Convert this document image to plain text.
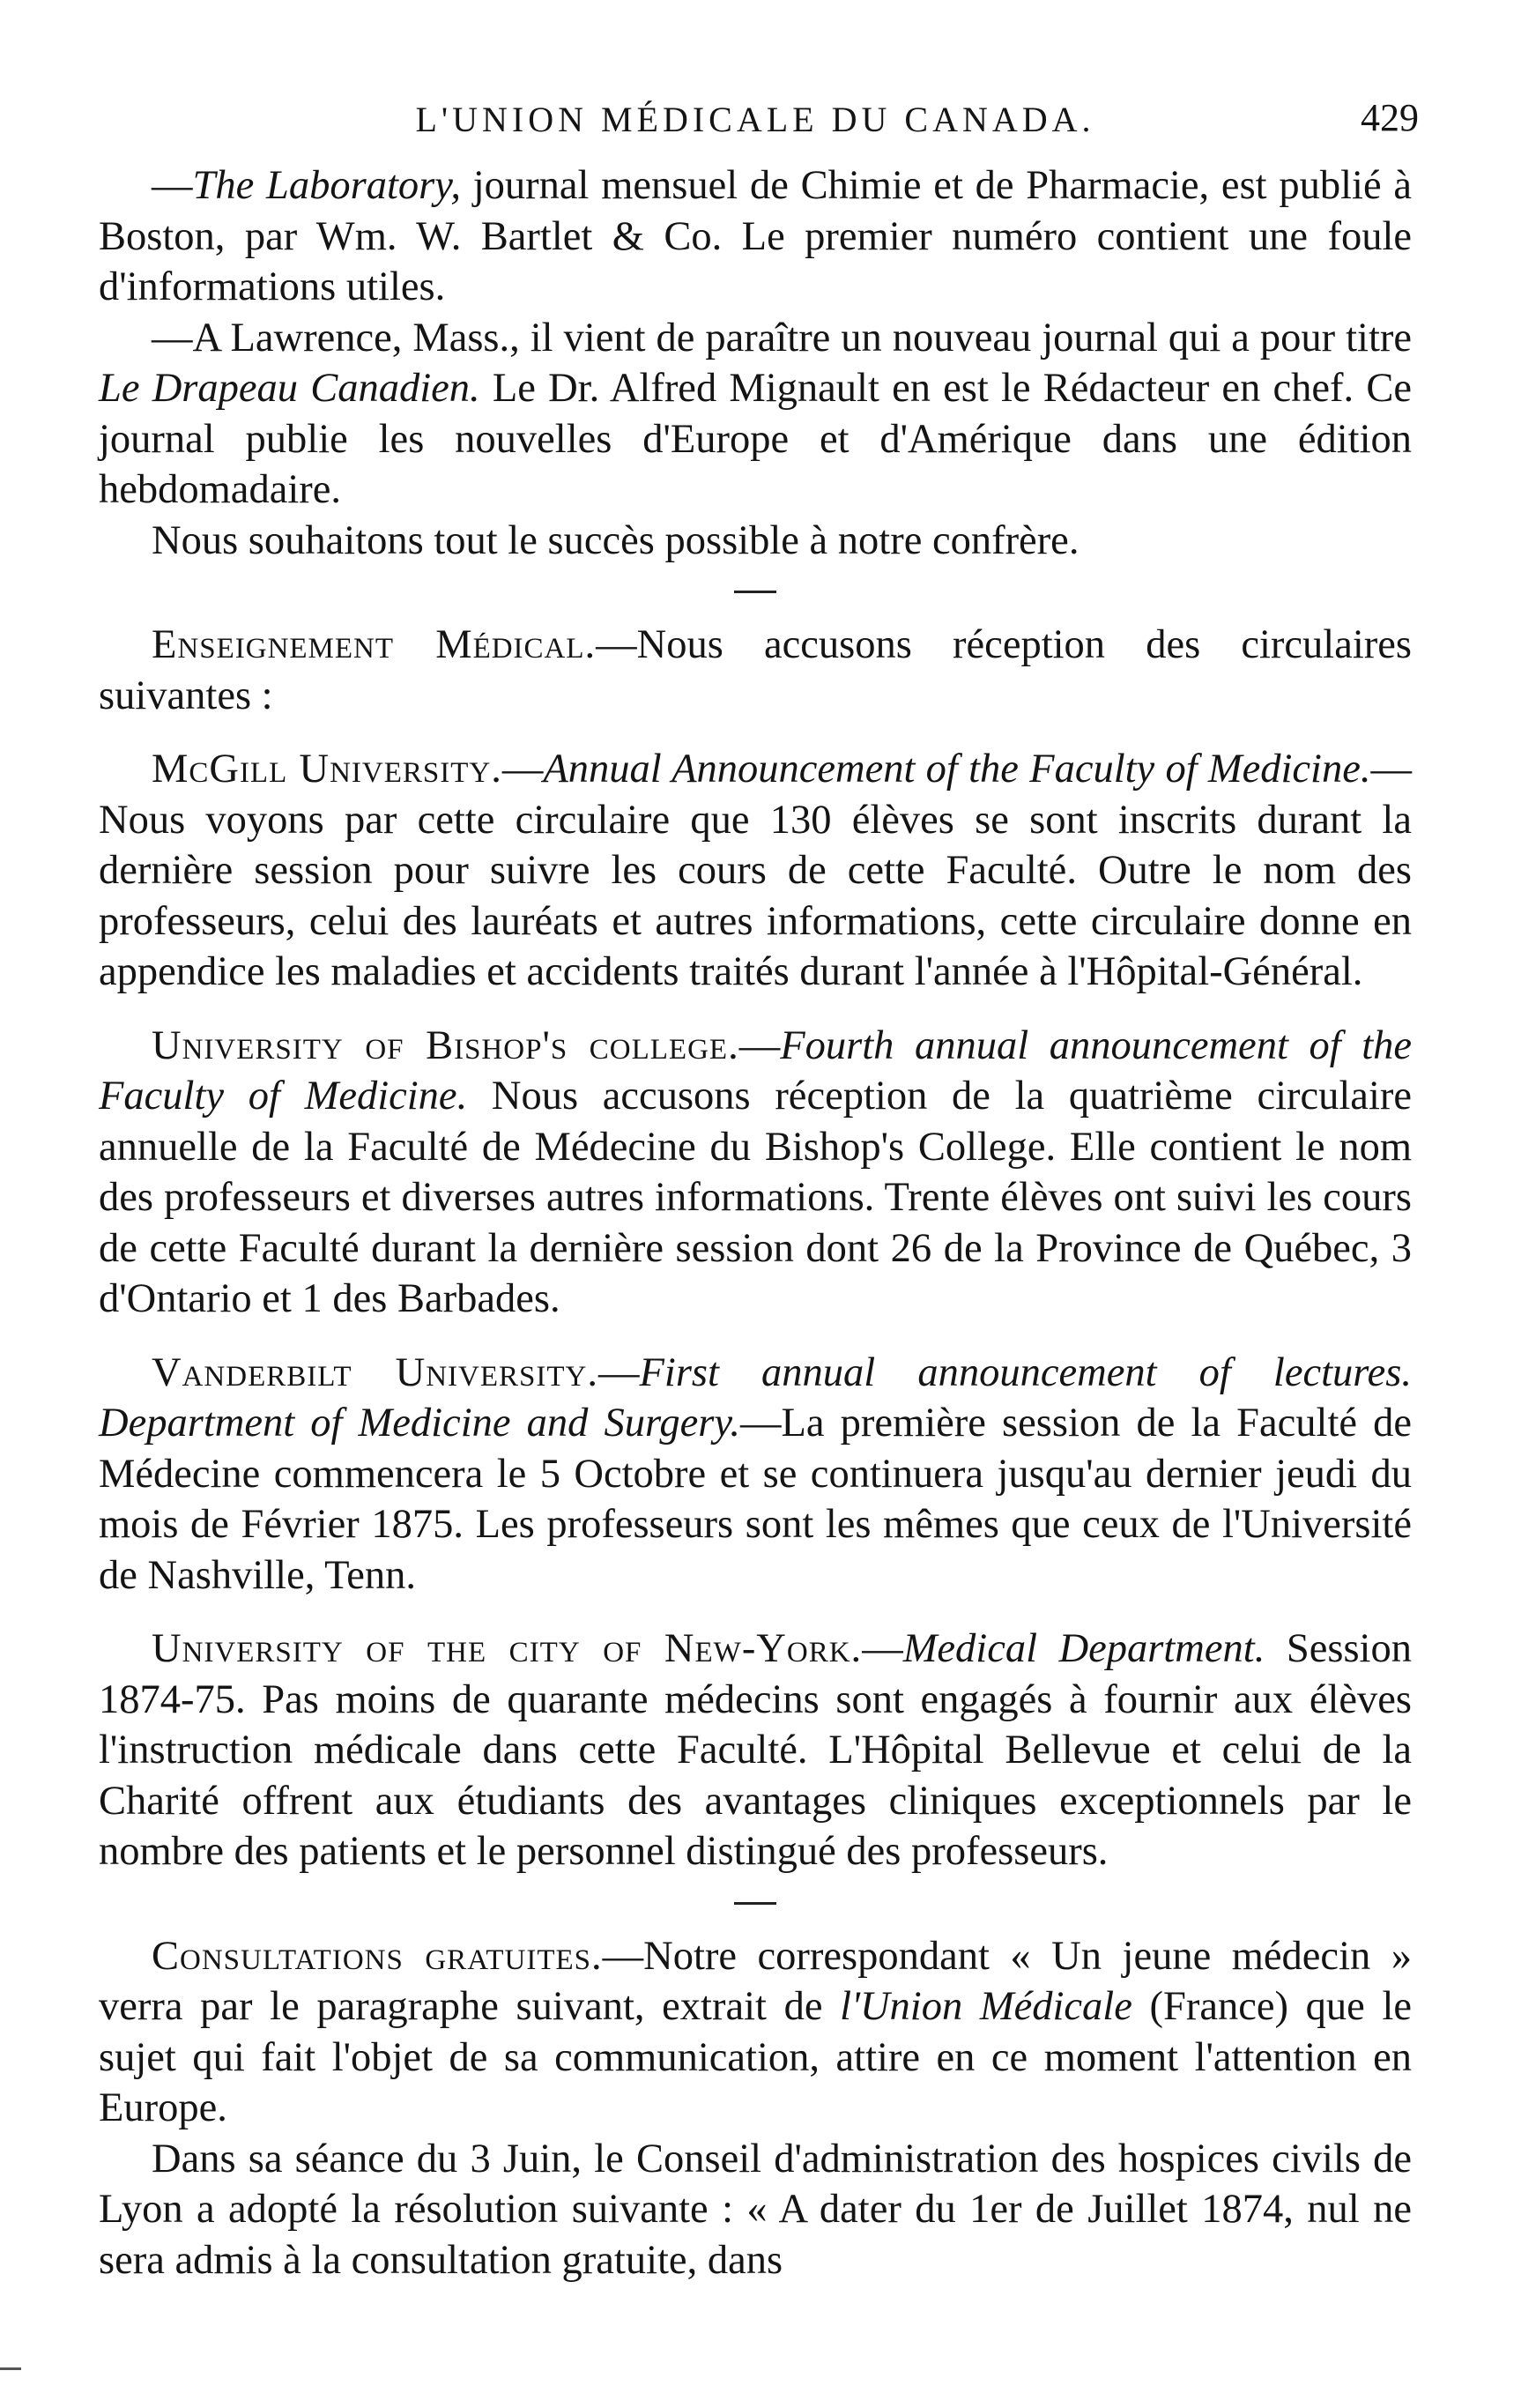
L'UNION MÉDICALE DU CANADA.	429

—The Laboratory, journal mensuel de Chimie et de Pharmacie, est publié à Boston, par Wm. W. Bartlet & Co. Le premier numéro contient une foule d'informations utiles.

—A Lawrence, Mass., il vient de paraître un nouveau journal qui a pour titre Le Drapeau Canadien. Le Dr. Alfred Mignault en est le Rédacteur en chef. Ce journal publie les nouvelles d'Europe et d'Amérique dans une édition hebdomadaire.

Nous souhaitons tout le succès possible à notre confrère.

Enseignement Médical.—Nous accusons réception des circulaires suivantes :

McGill University.—Annual Announcement of the Faculty of Medicine.—Nous voyons par cette circulaire que 130 élèves se sont inscrits durant la dernière session pour suivre les cours de cette Faculté. Outre le nom des professeurs, celui des lauréats et autres informations, cette circulaire donne en appendice les maladies et accidents traités durant l'année à l'Hôpital-Général.

University of Bishop's college.—Fourth annual announcement of the Faculty of Medicine. Nous accusons réception de la quatrième circulaire annuelle de la Faculté de Médecine du Bishop's College. Elle contient le nom des professeurs et diverses autres informations. Trente élèves ont suivi les cours de cette Faculté durant la dernière session dont 26 de la Province de Québec, 3 d'Ontario et 1 des Barbades.

Vanderbilt University.—First annual announcement of lectures. Department of Medicine and Surgery.—La première session de la Faculté de Médecine commencera le 5 Octobre et se continuera jusqu'au dernier jeudi du mois de Février 1875. Les professeurs sont les mêmes que ceux de l'Université de Nashville, Tenn.

University of the city of New-York.—Medical Department. Session 1874-75. Pas moins de quarante médecins sont engagés à fournir aux élèves l'instruction médicale dans cette Faculté. L'Hôpital Bellevue et celui de la Charité offrent aux étudiants des avantages cliniques exceptionnels par le nombre des patients et le personnel distingué des professeurs.

Consultations gratuites.—Notre correspondant « Un jeune médecin » verra par le paragraphe suivant, extrait de l'Union Médicale (France) que le sujet qui fait l'objet de sa communication, attire en ce moment l'attention en Europe.

Dans sa séance du 3 Juin, le Conseil d'administration des hospices civils de Lyon a adopté la résolution suivante : « A dater du 1er de Juillet 1874, nul ne sera admis à la consultation gratuite, dans
